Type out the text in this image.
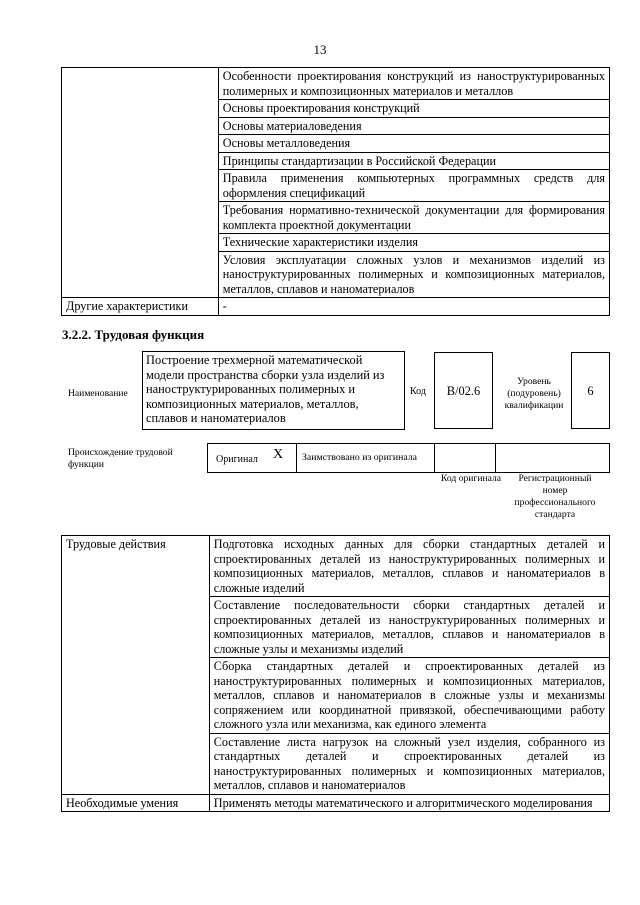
13
	Особенности проектирования конструкций из наноструктурированных полимерных и композиционных материалов и металлов
	Основы проектирования конструкций
	Основы материаловедения
	Основы металловедения
	Принципы стандартизации в Российской Федерации
	Правила применения компьютерных программных средств для оформления спецификаций
	Требования нормативно-технической документации для формирования комплекта проектной документации
	Технические характеристики изделия
	Условия эксплуатации сложных узлов и механизмов изделий из наноструктурированных полимерных и композиционных материалов, металлов, сплавов и наноматериалов
Другие характеристики	-
3.2.2. Трудовая функция
Наименование
Построение трехмерной математической модели пространства сборки узла изделий из наноструктурированных полимерных и композиционных материалов, металлов, сплавов и наноматериалов
Код	В/02.6
Уровень (подуровень) квалификации
6
Происхождение трудовой функции	Оригинал X Заимствовано из оригинала
Код оригинала	Регистрационный номер профессионального стандарта
Трудовые действия	Подготовка исходных данных для сборки стандартных деталей и спроектированных деталей из наноструктурированных полимерных и композиционных материалов, металлов, сплавов и наноматериалов в сложные изделий
	Составление последовательности сборки стандартных деталей и спроектированных деталей из наноструктурированных полимерных и композиционных материалов, металлов, сплавов и наноматериалов в сложные узлы и механизмы изделий
	Сборка стандартных деталей и спроектированных деталей из наноструктурированных полимерных и композиционных материалов, металлов, сплавов и наноматериалов в сложные узлы и механизмы сопряжением или координатной привязкой, обеспечивающими работу сложного узла или механизма, как единого элемента
	Составление листа нагрузок на сложный узел изделия, собранного из стандартных деталей и спроектированных деталей из наноструктурированных полимерных и композиционных материалов, металлов, сплавов и наноматериалов
Необходимые умения	Применять методы математического и алгоритмического моделирования
